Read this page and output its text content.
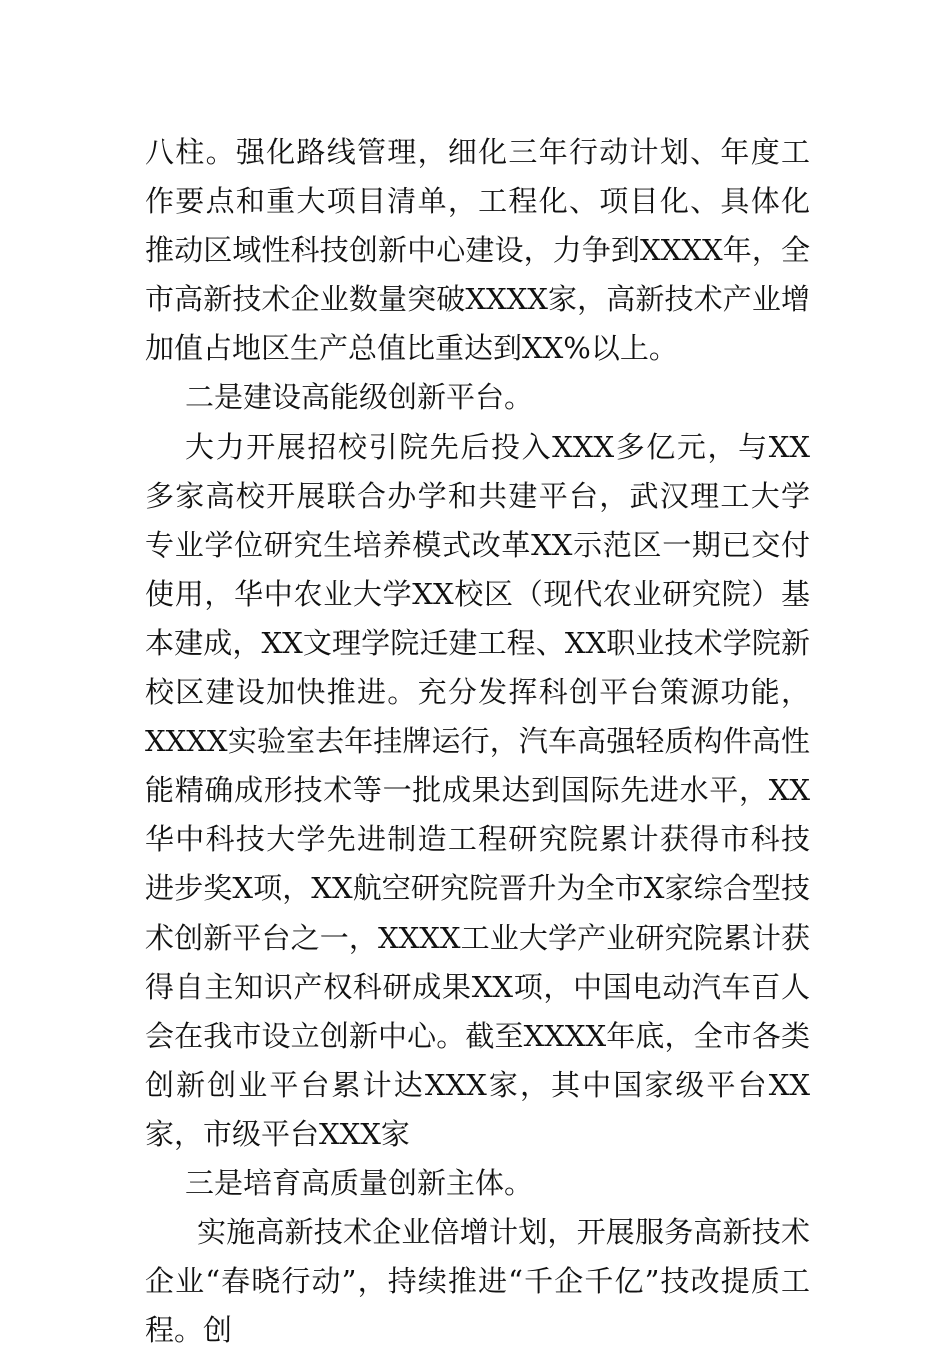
八柱。强化路线管理，细化三年行动计划、年度工作要点和重大项目清单，工程化、项目化、具体化推动区域性科技创新中心建设，力争到XXXX年，全市高新技术企业数量突破XXXX家，高新技术产业增加值占地区生产总值比重达到XX%以上。

二是建设高能级创新平台。

大力开展招校引院先后投入XXX多亿元，与XX多家高校开展联合办学和共建平台，武汉理工大学专业学位研究生培养模式改革XX示范区一期已交付使用，华中农业大学XX校区（现代农业研究院）基本建成，XX文理学院迁建工程、XX职业技术学院新校区建设加快推进。充分发挥科创平台策源功能，XXXX实验室去年挂牌运行，汽车高强轻质构件高性能精确成形技术等一批成果达到国际先进水平，XX华中科技大学先进制造工程研究院累计获得市科技进步奖X项，XX航空研究院晋升为全市X家综合型技术创新平台之一，XXXX工业大学产业研究院累计获得自主知识产权科研成果XX项，中国电动汽车百人会在我市设立创新中心。截至XXXX年底，全市各类创新创业平台累计达XXX家，其中国家级平台XX家，市级平台XXX家

三是培育高质量创新主体。

实施高新技术企业倍增计划，开展服务高新技术企业“春晓行动”，持续推进“千企千亿”技改提质工程。创
